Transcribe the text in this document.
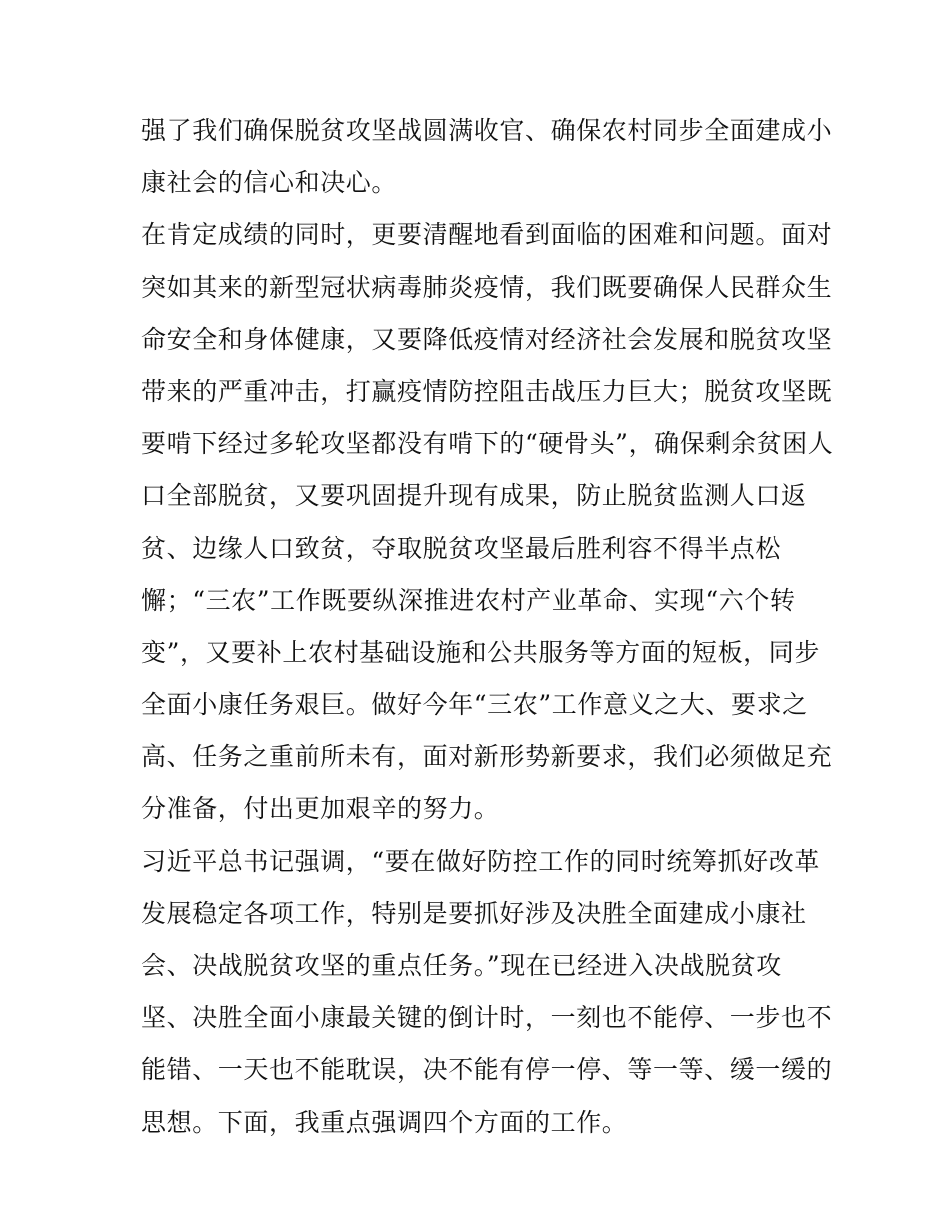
强了我们确保脱贫攻坚战圆满收官、确保农村同步全面建成小
康社会的信心和决心。
在肯定成绩的同时，更要清醒地看到面临的困难和问题。面对
突如其来的新型冠状病毒肺炎疫情，我们既要确保人民群众生
命安全和身体健康，又要降低疫情对经济社会发展和脱贫攻坚
带来的严重冲击，打赢疫情防控阻击战压力巨大；脱贫攻坚既
要啃下经过多轮攻坚都没有啃下的“硬骨头”，确保剩余贫困人
口全部脱贫，又要巩固提升现有成果，防止脱贫监测人口返
贫、边缘人口致贫，夺取脱贫攻坚最后胜利容不得半点松
懈；“三农”工作既要纵深推进农村产业革命、实现“六个转
变”，又要补上农村基础设施和公共服务等方面的短板，同步
全面小康任务艰巨。做好今年“三农”工作意义之大、要求之
高、任务之重前所未有，面对新形势新要求，我们必须做足充
分准备，付出更加艰辛的努力。
习近平总书记强调，“要在做好防控工作的同时统筹抓好改革
发展稳定各项工作，特别是要抓好涉及决胜全面建成小康社
会、决战脱贫攻坚的重点任务。”现在已经进入决战脱贫攻
坚、决胜全面小康最关键的倒计时，一刻也不能停、一步也不
能错、一天也不能耽误，决不能有停一停、等一等、缓一缓的
思想。下面，我重点强调四个方面的工作。
